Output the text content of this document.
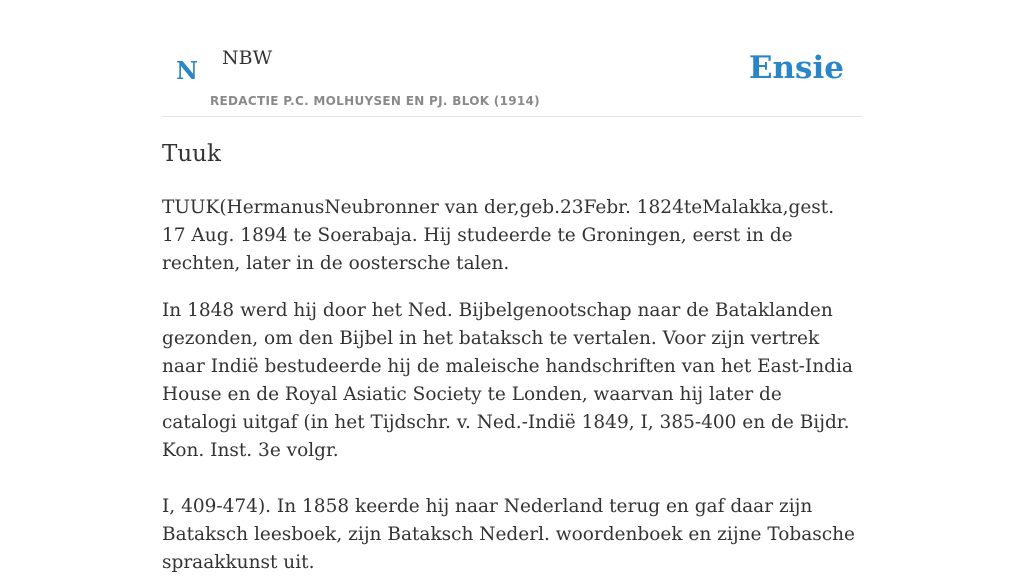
N NBW
REDACTIE P.C. MOLHUYSEN EN PJ. BLOK (1914)
Ensie
Tuuk

TUUK(HermanusNeubronner van der,geb.23Febr. 1824teMalakka,gest. 17 Aug. 1894 te Soerabaja. Hij studeerde te Groningen, eerst in de rechten, later in de oostersche talen.

In 1848 werd hij door het Ned. Bijbelgenootschap naar de Bataklanden gezonden, om den Bijbel in het bataksch te vertalen. Voor zijn vertrek naar Indië bestudeerde hij de maleische handschriften van het East-India House en de Royal Asiatic Society te Londen, waarvan hij later de catalogi uitgaf (in het Tijdschr. v. Ned.-Indië 1849, I, 385-400 en de Bijdr. Kon. Inst. 3e volgr.

I, 409-474). In 1858 keerde hij naar Nederland terug en gaf daar zijn Bataksch leesboek, zijn Bataksch Nederl. woordenboek en zijne Tobasche spraakkunst uit.
